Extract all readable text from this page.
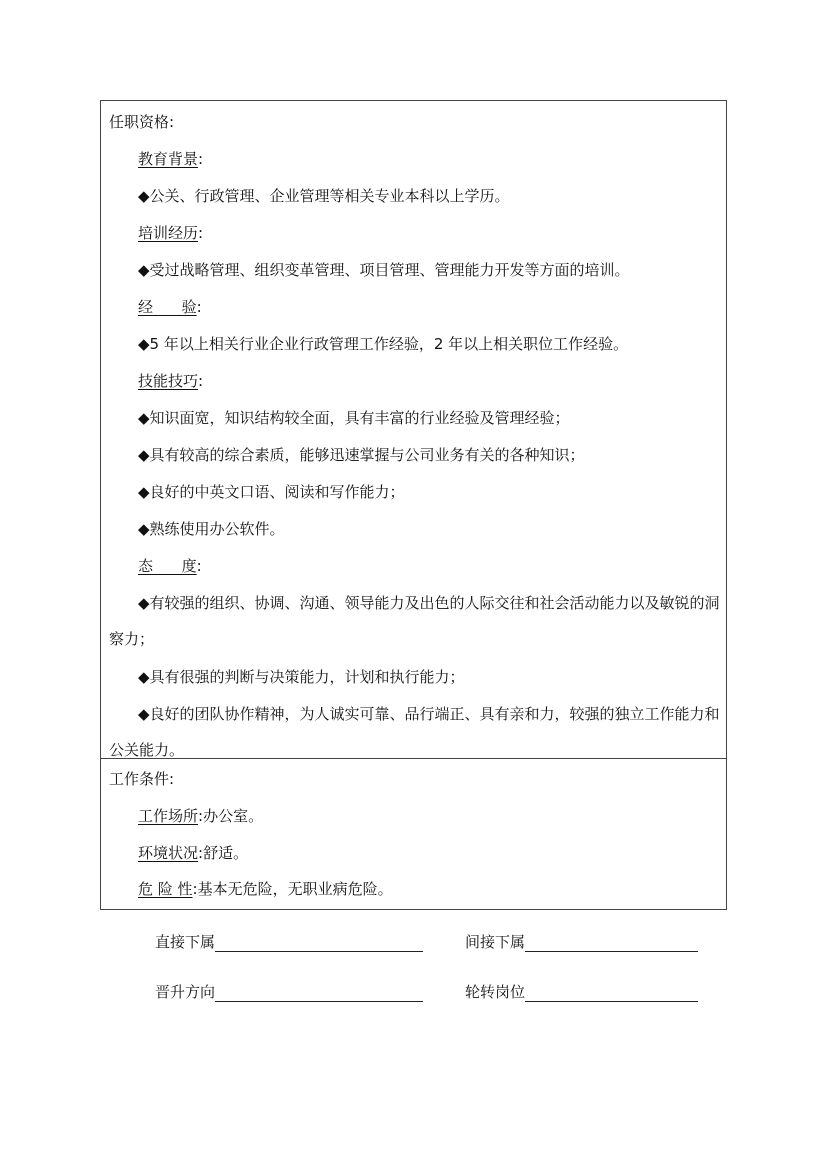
任职资格:
教育背景:
◆公关、行政管理、企业管理等相关专业本科以上学历。
培训经历:
◆受过战略管理、组织变革管理、项目管理、管理能力开发等方面的培训。
经      验:
◆5 年以上相关行业企业行政管理工作经验，2 年以上相关职位工作经验。
技能技巧:
◆知识面宽，知识结构较全面，具有丰富的行业经验及管理经验；
◆具有较高的综合素质，能够迅速掌握与公司业务有关的各种知识；
◆良好的中英文口语、阅读和写作能力；
◆熟练使用办公软件。
态      度:
◆有较强的组织、协调、沟通、领导能力及出色的人际交往和社会活动能力以及敏锐的洞察力；
◆具有很强的判断与决策能力，计划和执行能力；
◆良好的团队协作精神，为人诚实可靠、品行端正、具有亲和力，较强的独立工作能力和公关能力。
工作条件:
工作场所:办公室。
环境状况:舒适。
危 险 性:基本无危险，无职业病危险。
直接下属	间接下属
晋升方向	轮转岗位
